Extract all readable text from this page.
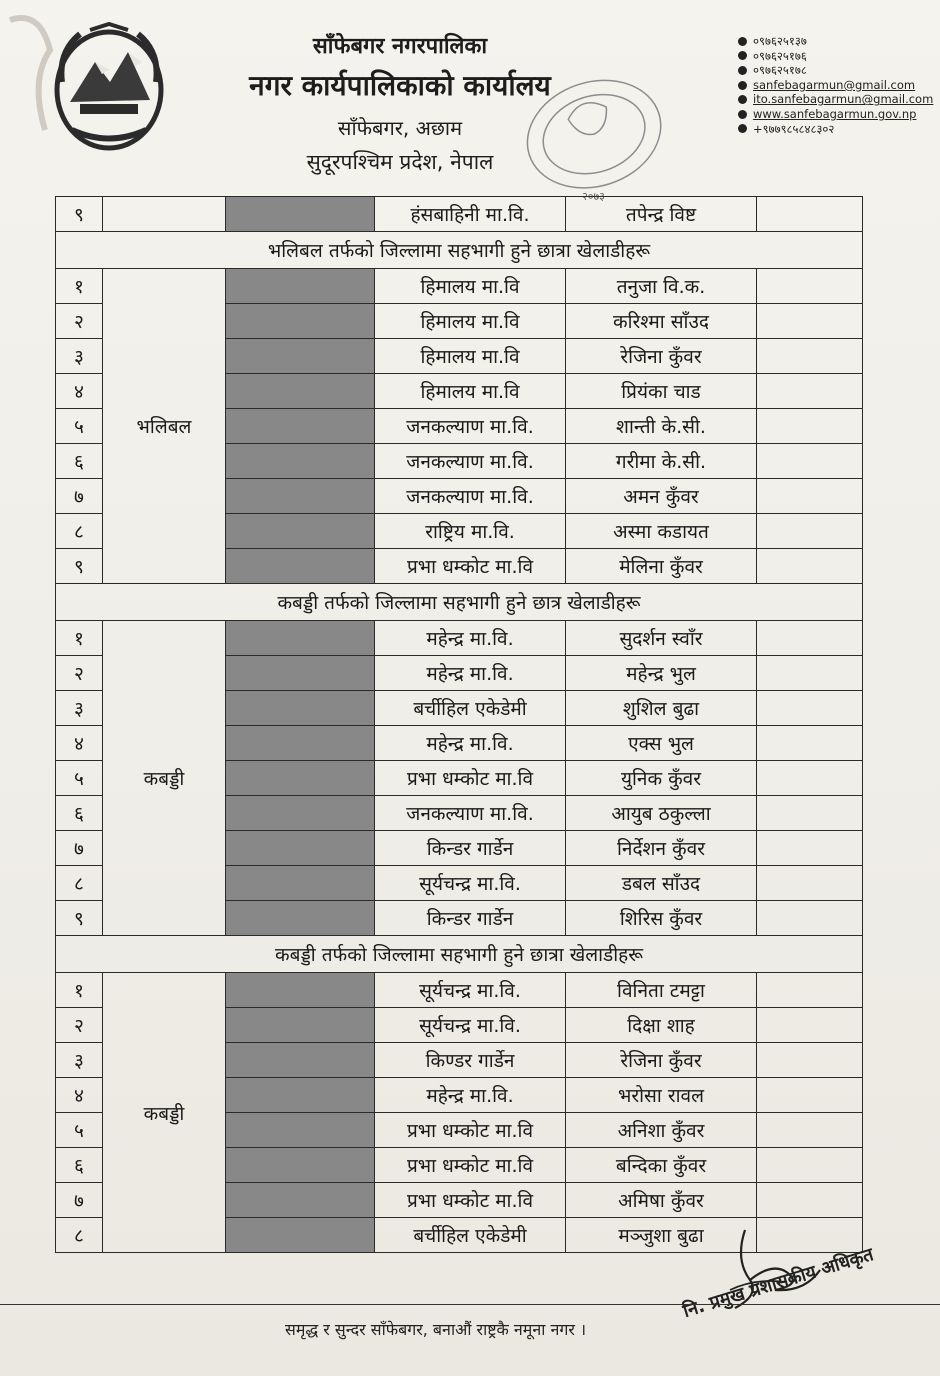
साँफेबगर नगरपालिका
नगर कार्यपालिकाको कार्यालय
साँफेबगर, अछाम
सुदूरपश्चिम प्रदेश, नेपाल
०९७६२५१३७
०९७६२५१७६
०९७६२५१७८
sanfebagarmun@gmail.com
ito.sanfebagarmun@gmail.com
www.sanfebagarmun.gov.np
+९७७९८५८४८३०२
२०७३
९			हंसबाहिनी मा.वि.	तपेन्द्र विष्ट	
भलिबल तर्फको जिल्लामा सहभागी हुने छात्रा खेलाडीहरू					
१	भलिबल		हिमालय मा.वि	तनुजा वि.क.	
२			हिमालय मा.वि	करिश्मा साँउद	
३			हिमालय मा.वि	रेजिना कुँवर	
४			हिमालय मा.वि	प्रियंका चाड	
५			जनकल्याण मा.वि.	शान्ती के.सी.	
६			जनकल्याण मा.वि.	गरीमा के.सी.	
७			जनकल्याण मा.वि.	अमन कुँवर	
८			राष्ट्रिय मा.वि.	अस्मा कडायत	
९			प्रभा धम्कोट मा.वि	मेलिना कुँवर	
कबड्डी तर्फको जिल्लामा सहभागी हुने छात्र खेलाडीहरू					
१	कबड्डी		महेन्द्र मा.वि.	सुदर्शन स्वाँर	
२			महेन्द्र मा.वि.	महेन्द्र भुल	
३			बर्चीहिल एकेडेमी	शुशिल बुढा	
४			महेन्द्र मा.वि.	एक्स भुल	
५			प्रभा धम्कोट मा.वि	युनिक कुँवर	
६			जनकल्याण मा.वि.	आयुब ठकुल्ला	
७			किन्डर गार्डेन	निर्देशन कुँवर	
८			सूर्यचन्द्र मा.वि.	डबल साँउद	
९			किन्डर गार्डेन	शिरिस कुँवर	
कबड्डी तर्फको जिल्लामा सहभागी हुने छात्रा खेलाडीहरू					
१	कबड्डी		सूर्यचन्द्र मा.वि.	विनिता टमट्टा	
२			सूर्यचन्द्र मा.वि.	दिक्षा शाह	
३			किण्डर गार्डेन	रेजिना कुँवर	
४			महेन्द्र मा.वि.	भरोसा रावल	
५			प्रभा धम्कोट मा.वि	अनिशा कुँवर	
६			प्रभा धम्कोट मा.वि	बन्दिका कुँवर	
७			प्रभा धम्कोट मा.वि	अमिषा कुँवर	
८			बर्चीहिल एकेडेमी	मञ्जुशा बुढा	
नि. प्रमुख प्रशासकीय अधिकृत
समृद्ध र सुन्दर साँफेबगर, बनाऔं राष्ट्रकै नमूना नगर ।
